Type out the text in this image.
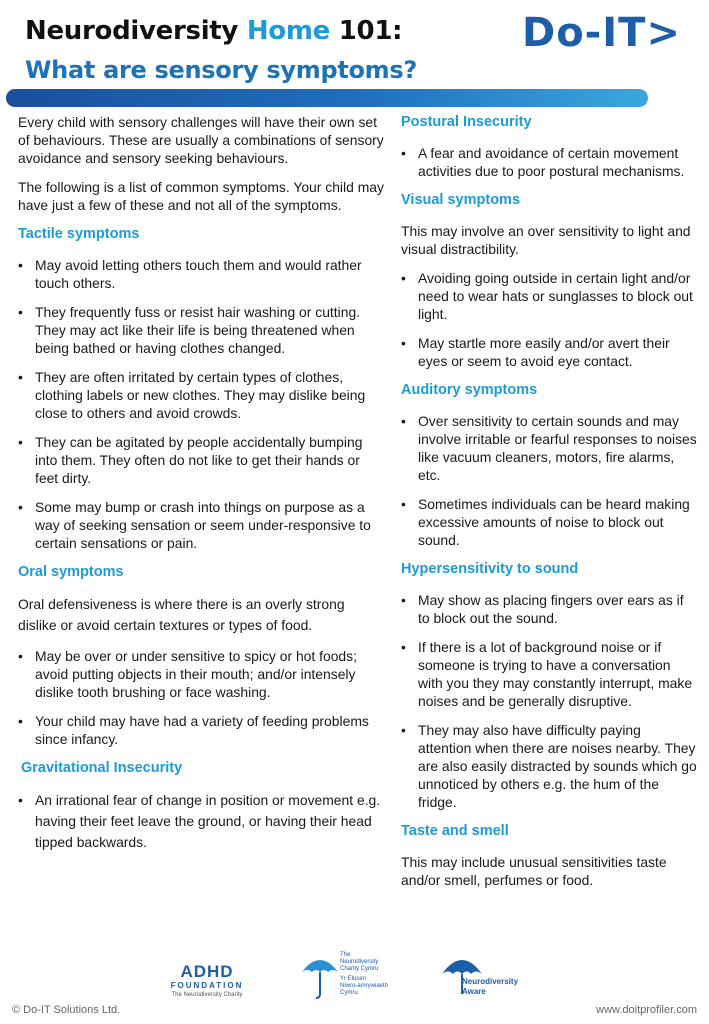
Neurodiversity Home 101:
What are sensory symptoms?
Do-IT>

Every child with sensory challenges will have their own set of behaviours. These are usually a combinations of sensory avoidance and sensory seeking behaviours.

The following is a list of common symptoms. Your child may have just a few of these and not all of the symptoms.

Tactile symptoms
• May avoid letting others touch them and would rather touch others.
• They frequently fuss or resist hair washing or cutting. They may act like their life is being threatened when being bathed or having clothes changed.
• They are often irritated by certain types of clothes, clothing labels or new clothes. They may dislike being close to others and avoid crowds.
• They can be agitated by people accidentally bumping into them. They often do not like to get their hands or feet dirty.
• Some may bump or crash into things on purpose as a way of seeking sensation or seem under-responsive to certain sensations or pain.
Oral symptoms

Oral defensiveness is where there is an overly strong dislike or avoid certain textures or types of food.

• May be over or under sensitive to spicy or hot foods; avoid putting objects in their mouth; and/or intensely dislike tooth brushing or face washing.
• Your child may have had a variety of feeding problems since infancy.
Gravitational Insecurity
• An irrational fear of change in position or movement e.g. having their feet leave the ground, or having their head tipped backwards.
Postural Insecurity
• A fear and avoidance of certain movement activities due to poor postural mechanisms.
Visual symptoms

This may involve an over sensitivity to light and visual distractibility.

• Avoiding going outside in certain light and/or need to wear hats or sunglasses to block out light.
• May startle more easily and/or avert their eyes or seem to avoid eye contact.
Auditory symptoms
• Over sensitivity to certain sounds and may involve irritable or fearful responses to noises like vacuum cleaners, motors, fire alarms, etc.
• Sometimes individuals can be heard making excessive amounts of noise to block out sound.
Hypersensitivity to sound
• May show as placing fingers over ears as if to block out the sound.
• If there is a lot of background noise or if someone is trying to have a conversation with you they may constantly interrupt, make noises and be generally disruptive.
• They may also have difficulty paying attention when there are noises nearby. They are also easily distracted by sounds which go unnoticed by others e.g. the hum of the fridge.
Taste and smell

This may include unusual sensitivities taste and/or smell, perfumes or food.

ADHD
FOUNDATION
The Neurodiversity Charity
The
Neurodiversity
Charity Cymru
Yr Elusen
Niwro-amrywiaeth
Cymru
Neurodiversity
Aware
© Do-IT Solutions Ltd.	www.doitprofiler.com
